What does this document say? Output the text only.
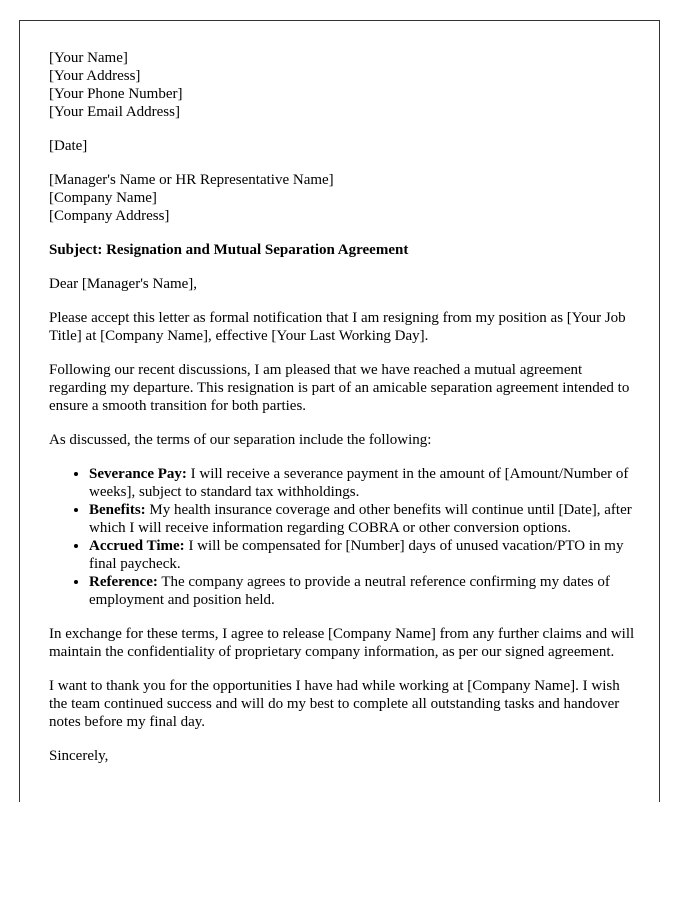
[Your Name]
[Your Address]
[Your Phone Number]
[Your Email Address]
[Date]
[Manager's Name or HR Representative Name]
[Company Name]
[Company Address]

Subject: Resignation and Mutual Separation Agreement

Dear [Manager's Name],

Please accept this letter as formal notification that I am resigning from my position as [Your Job Title] at [Company Name], effective [Your Last Working Day].

Following our recent discussions, I am pleased that we have reached a mutual agreement regarding my departure. This resignation is part of an amicable separation agreement intended to ensure a smooth transition for both parties.

As discussed, the terms of our separation include the following:

• Severance Pay: I will receive a severance payment in the amount of [Amount/Number of weeks], subject to standard tax withholdings.
• Benefits: My health insurance coverage and other benefits will continue until [Date], after which I will receive information regarding COBRA or other conversion options.
• Accrued Time: I will be compensated for [Number] days of unused vacation/PTO in my final paycheck.
• Reference: The company agrees to provide a neutral reference confirming my dates of employment and position held.

In exchange for these terms, I agree to release [Company Name] from any further claims and will maintain the confidentiality of proprietary company information, as per our signed agreement.

I want to thank you for the opportunities I have had while working at [Company Name]. I wish the team continued success and will do my best to complete all outstanding tasks and handover notes before my final day.

Sincerely,
